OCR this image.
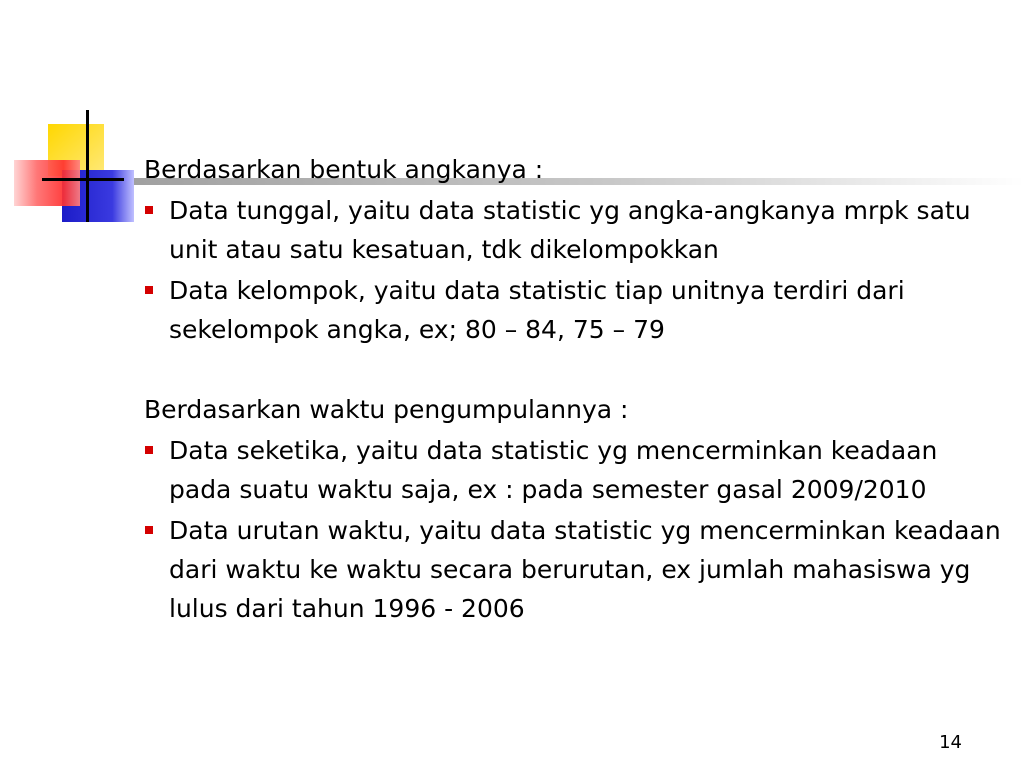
Berdasarkan bentuk angkanya :
Data tunggal, yaitu data statistic yg angka-angkanya mrpk satu unit atau satu kesatuan, tdk dikelompokkan
Data kelompok, yaitu data statistic tiap unitnya terdiri dari sekelompok angka, ex; 80 – 84, 75 – 79
Berdasarkan waktu pengumpulannya :
Data seketika, yaitu data statistic yg mencerminkan keadaan pada suatu waktu saja, ex : pada semester gasal 2009/2010
Data urutan waktu, yaitu data statistic yg mencerminkan keadaan dari waktu ke waktu secara berurutan, ex jumlah mahasiswa yg lulus dari tahun 1996 - 2006
14
